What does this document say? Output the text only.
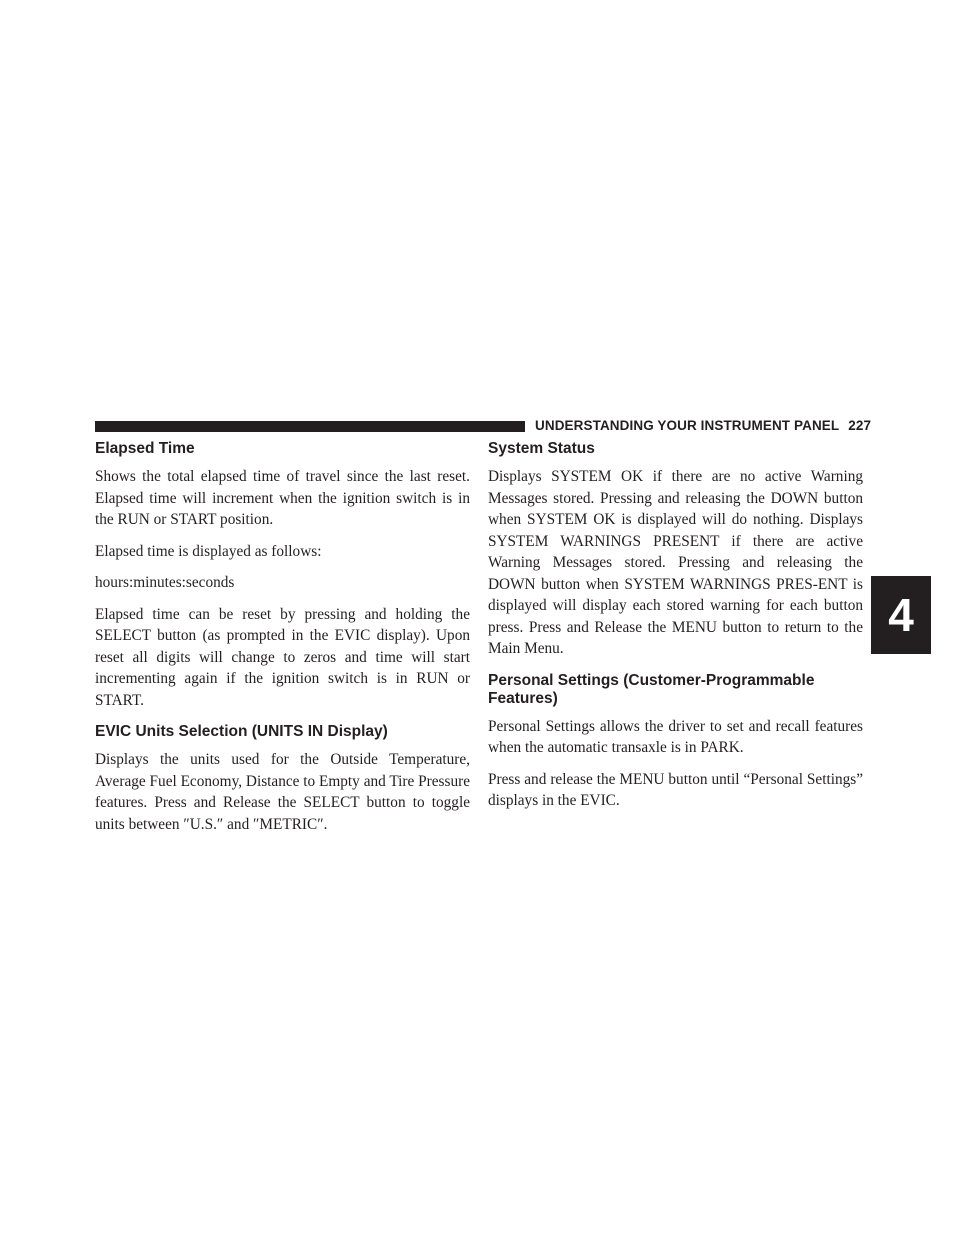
UNDERSTANDING YOUR INSTRUMENT PANEL 227
4
Elapsed Time

Shows the total elapsed time of travel since the last reset. Elapsed time will increment when the ignition switch is in the RUN or START position.

Elapsed time is displayed as follows:

hours:minutes:seconds

Elapsed time can be reset by pressing and holding the SELECT button (as prompted in the EVIC display). Upon reset all digits will change to zeros and time will start incrementing again if the ignition switch is in RUN or START.

EVIC Units Selection (UNITS IN Display)

Displays the units used for the Outside Temperature, Average Fuel Economy, Distance to Empty and Tire Pressure features. Press and Release the SELECT button to toggle units between ″U.S.″ and ″METRIC″.

System Status

Displays SYSTEM OK if there are no active Warning Messages stored. Pressing and releasing the DOWN button when SYSTEM OK is displayed will do nothing. Displays SYSTEM WARNINGS PRESENT if there are active Warning Messages stored. Pressing and releasing the DOWN button when SYSTEM WARNINGS PRES-ENT is displayed will display each stored warning for each button press. Press and Release the MENU button to return to the Main Menu.

Personal Settings (Customer-Programmable Features)

Personal Settings allows the driver to set and recall features when the automatic transaxle is in PARK.

Press and release the MENU button until “Personal Settings” displays in the EVIC.
